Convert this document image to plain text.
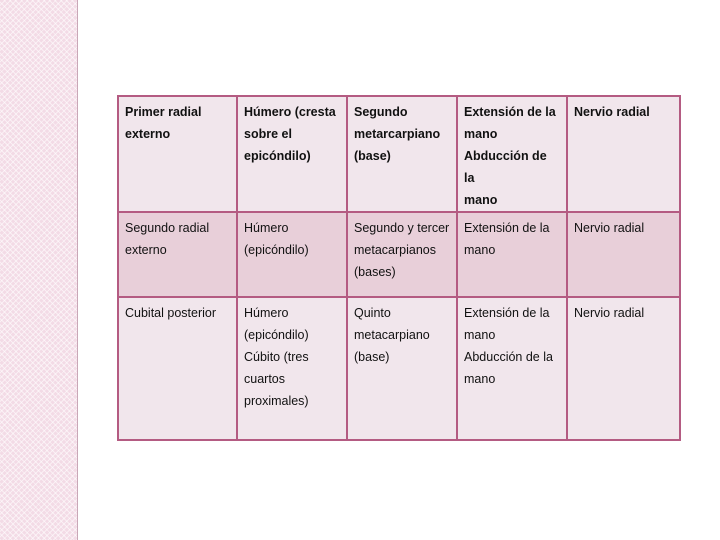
Primer radial
externo	Húmero (cresta
sobre el
epicóndilo)	Segundo
metarcarpiano
(base)	Extensión de la
mano
Abducción de la
mano	Nervio radial

Segundo radial
externo	Húmero
(epicóndilo)	Segundo y tercer
metacarpianos
(bases)	Extensión de la
mano	Nervio radial

Cubital posterior	Húmero
(epicóndilo)
Cúbito (tres
cuartos
proximales)	Quinto
metacarpiano
(base)	Extensión de la
mano
Abducción de la
mano	Nervio radial
